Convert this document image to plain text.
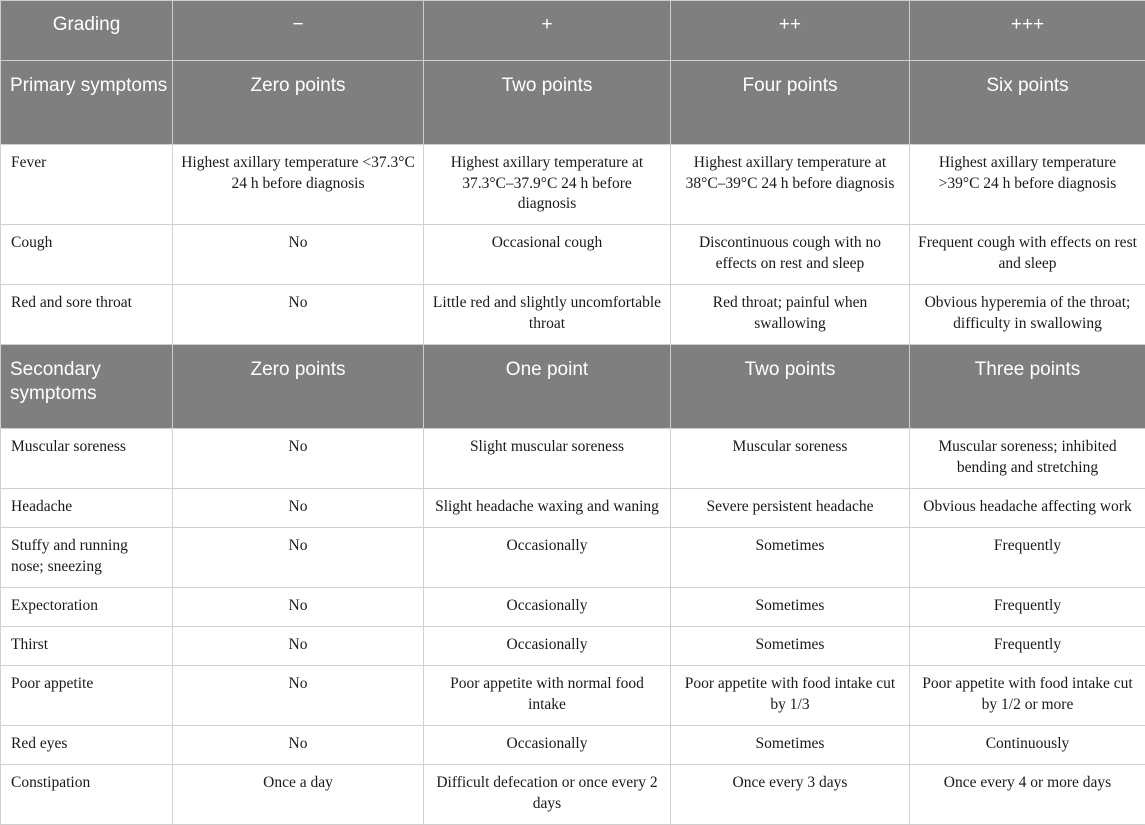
Grading	−	+	++	+++
Primary symptoms	Zero points	Two points	Four points	Six points
Fever	Highest axillary temperature <37.3°C 24 h before diagnosis	Highest axillary temperature at 37.3°C–37.9°C 24 h before diagnosis	Highest axillary temperature at 38°C–39°C 24 h before diagnosis	Highest axillary temperature >39°C 24 h before diagnosis
Cough	No	Occasional cough	Discontinuous cough with no effects on rest and sleep	Frequent cough with effects on rest and sleep
Red and sore throat	No	Little red and slightly uncomfortable throat	Red throat; painful when swallowing	Obvious hyperemia of the throat; difficulty in swallowing
Secondary symptoms	Zero points	One point	Two points	Three points
Muscular soreness	No	Slight muscular soreness	Muscular soreness	Muscular soreness; inhibited bending and stretching
Headache	No	Slight headache waxing and waning	Severe persistent headache	Obvious headache affecting work
Stuffy and running nose; sneezing	No	Occasionally	Sometimes	Frequently
Expectoration	No	Occasionally	Sometimes	Frequently
Thirst	No	Occasionally	Sometimes	Frequently
Poor appetite	No	Poor appetite with normal food intake	Poor appetite with food intake cut by 1/3	Poor appetite with food intake cut by 1/2 or more
Red eyes	No	Occasionally	Sometimes	Continuously
Constipation	Once a day	Difficult defecation or once every 2 days	Once every 3 days	Once every 4 or more days
